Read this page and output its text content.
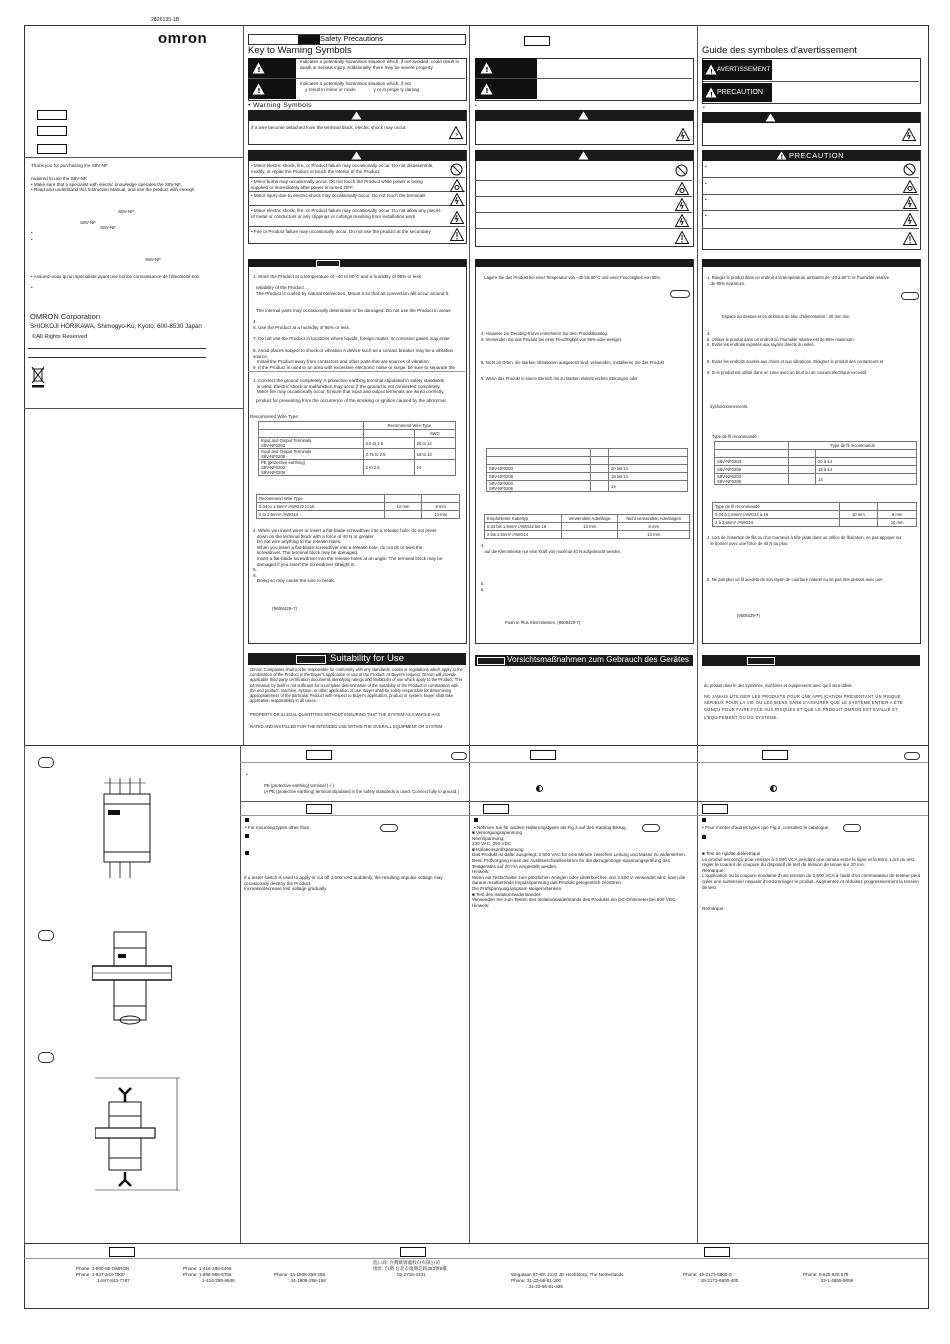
2826135-1B
omron
Thank you for purchasing the S8V-NF.
required to use the S8V-NF.
• Make sure that a specialist with electric knowledge operates the S8V-NF.
• Read and understand this Instruction Manual, and use the product with enough
S8V-NF
S8V-NF
S8V-NF
•
•
S8V-NF
• Assurez-vous qu'un spécialiste ayant une bonne connaissance de l'électricité soit
•
OMRON Corporation
SHIOKOJI HORIKAWA, Shimogyo-Ku, Kyoto, 600-8530 Japan
©All Rights Reserved
Safety Precautions
Key to Warning Symbols
!
Indicates a potentially hazardous situation which, if not avoided, could result in death or serious injury. Additionally, there may be severe property
!
Indicates a potentially hazardous situation which, if not
y result in minor or mode              y or in prope ty damag
• Warning Symbols
If a wire become detached from the terminal block, electric shock may occur.
⚡
• Minor electric shock, fire, or Product failure may occasionally occur. Do not disassemble, modify, or repair the Product or touch the interior of the Product.
• Minor burns may occasionally occur. Do not touch the Product while power is being supplied or immediately after power is turned OFF.
• Minor injury due to electric shock may occasionally occur. Do not touch the terminals
• Minor electric shock, fire, or Product failure may occasionally occur. Do not allow any pieces of metal or conductors or any clippings or cuttings resulting from installation work
• Fire or Product failure may occasionally occur. Do not use the product at the secondary
1. Store the Product at a temperature of –40 to 80°C and a humidity of 95% or less
reliability of the Product.
The Product is cooled by natural convection. Mount it so that air convection will occur around it.
The internal parts may occasionally deteriorate or be damaged. Do not use the Product in areas
4.
5. Use the Product at a humidity of 95% or less.
7. Do not use the Product in locations where liquids, foreign matter, or corrosive gases may enter
8. Avoid places subject to shock or vibration A device such as a contact breaker may be a vibration source.
Install the Product away from contactors and other parts that are sources of vibration.
9. If the Product is used in an area with excessive electronic noise or surge, be sure to separate the
1. Connect the ground completely. A protective earthing terminal stipulated in safety standards
is used. Electric shock or malfunction may occur if the ground is not connected completely.
Minor fire may occasionally occur. Ensure that input and output terminals are wired correctly.
product for preventing from the occurrence of the smoking or ignition caused by the abnormal.
Recommend Wire Type:
	Recommend Wire Type	
		AWG
Input and Output Terminals
S8V-NF0203	0.5 to 2.5	20 to 14
Input and Output Terminals
S8V-NF0208	0.75 to 2.5	18 to 14
PE (protective earthing)
S8V-NF0203
S8V-NF0208	2 to 2.5	14
Recommend Wire Type		
0.34 to 1.5mm² /AWG22 to 16	10 mm	8 mm
2 to 2.5mm² /AWG14		10 mm
4. When you insert wires or insert a flat-blade screwdriver into a release hole, do not press
down on the terminal block with a force of 40 N or greater
Do not wire anything to the release holes.
When you insert a flat-blade screwdriver into a release hole, do not tilt or twist the
screwdriver. The terminal block may be damaged.
Insert a flat-blade screwdriver into the release holes at an angle. The terminal block may be
damaged if you insert the screwdriver straight in.
5.
6.
Doing so may cause the wire to break.
(9608429-7)
Suitability for Use
Omron Companies shall not be responsible for conformity with any standards, codes or regulations which apply to the combination of the Product in the Buyer's application or use of the Product. At Buyer's request, Omron will provide applicable third party certification documents identifying ratings and limitations of use which apply to the Product. This information by itself is not sufficient for a complete determination of the suitability of the Product in combination with the end product, machine, system, or other application or use. Buyer shall be solely responsible for determining appropriateness of the particular Product with respect to Buyer's application, product or system. Buyer shall take application responsibility in all cases.
PROPERTY OR ILLEGAL QUANTITIES WITHOUT ENSURING THAT THE SYSTEM AS A WHOLE HAS
RATED AND INSTALLED FOR THE INTENDED USE WITHIN THE OVERALL EQUIPMENT OR SYSTEM
!
!
•
Lagern Sie das Produkt bei einer Temperatur von –40 bis 80°C und einer Feuchtigkeit von 95%
4. Hinweise zur Derating-Kurve entnehmen Sie dem Produktkatalog.
5. Verwenden Sie das Produkt bei einer Feuchtigkeit von 95% oder weniger.
8. Nicht an Orten, die starken Vibrationen ausgesetzt sind, verwenden. Installieren Sie das Produkt
9. Wenn das Produkt in einem Bereich mit zu starken elektronischen Störungen oder

S8V-NF0203		20 bis 14
S8V-NF0208		18 bis 14
S8V-NF0203
S8V-NF0208		14
Empfohlener Kabeltyp	Verwendete Aderlänge	Nicht verwendete Aderlängen
0.34 bis 1.5mm² /AWG22 bis 16	10 mm	8 mm
2 bis 2.5mm² /AWG14		10 mm
4.
auf die Klemmleiste nur eine Kraft von maximal 40 N aufgebracht werden.
5.
6.
Push-In Plus Klemmleisten. (9608429-7)
Vorsichtsmaßnahmen zum Gebrauch des Gerätes
Guide des symboles d'avertissement
! AVERTISSEMENT
! PRECAUTION
•
! PRECAUTION
•
•
•
•
1. Ranger le produit dans un endroit à la température ambiante de -40 à 80°C et l'humidité relative
de 95% maximum.
Espace au-dessus et en dessous du bloc d'alimentation : 20 mm min.
4.
5. Utiliser le produit dans un endroit où l'humidité relative est de 95% maximum.
6. Eviter les endroits exposés aux rayons directs du soleil.
8. Eviter les endroits soumis aux chocs et aux vibrations. Eloignez le produit des contacteurs et
9. Si le produit est utilisé dans un zone avec un bruit ou un courant électrique excessif,
dysfonctionnements.
Type de fil recommandé :
	Type de fil recommandé	

S8V-NF0203		20 à 14
S8V-NF0208		18 à 14
S8V-NF0203
S8V-NF0208		14
Type de fil recommandé		
0,34 à 1,5mm² /AWG22 à 16	10 mm	8 mm
2 à 2,5mm² /AWG14		10 mm
4. Lors de l'insertion de fils ou d'un tournevis à tête plate dans un orifice de libération, ne pas appuyer sur
le bornier avec une force de 40 N ou plus.
6. Ne pas plier un fil au-delà de son rayon de courbure naturel ou ne pas tirer dessus avec une
(9608429-7)
du produit dans le des systèmes, machines et équipements avec qui il sera utilisé.
NE JAMAIS UTILISER LES PRODUITS POUR UNE APPLICATION PRÉSENTANT UN RISQUE SÉRIEUX POUR LA VIE OU LES BIENS SANS S'ASSURER QUE LE SYSTÈME ENTIER A ÉTÉ CONÇU POUR FAIRE FACE AUX RISQUES ET QUE LE PRODUIT OMRON EST ÉVALUÉ ET
L'ÉQUIPEMENT OU DU SYSTÈME.
•
PE (protective earthing) terminal (⏚)
(A PE (protective earthing) terminal stipulated in the safety standards is used. Connect fully to ground.)
• For mounting types other than
If a tester switch is used to apply or cut off 2,500 VAC suddenly, the resulting impulse voltage may occasionally destroy the Product.
Increase/decrease test voltage gradually.
• Nehmen Sie für andere Halterungstypen als Fig.2 auf den Katalog Bezug.
■ Versorgungsspannung
Nennspannung:
230 VAC, 250 VDC
■ Isolationsprüfspannung
Das Produkt ist dafür ausgelegt, 2.500 VAC für eine Minute zwischen Leitung und Masse zu widerstehen.
Beim Prüfvorgang muss der Auslöseschwellenstrom für die dazugehörige Spannungsprüfung des Testgerätes auf 20 mA eingestellt werden.
Hinweis:
Wenn ein Testschalter zum plötzlichen Anlegen oder Unterbrechen von 2.500 V verwendet wird, kann die daraus resultierende Impulsspannung das Produkt gelegentlich zerstören.
Die Prüfspannung langsam steigern/senken.
■ Test des Isolationswiderstandes
Verwenden Sie zum Testen des Isolationswiderstands des Produkts ein DC-Ohmmeter bei 500 VDC.
Hinweis:
• Pour monter d'autres types que Fig.2, consultez le catalogue.
■ Test de rigidité diélectrique
Le produit est conçu pour résister à 2 500 VCA pendant une minute entre la ligne et la terre. Lors du test, régler le courant de coupure du dispositif de test de tension de tenue sur 20 mA.
Remarque:
L'application ou la coupure soudaine d'une tension de 2 500 VCA à l'aide d'un commutateur de testeur peut créer une surtension risquant d'endommager le produit. Augmentez et réduisez progressivement la tension de test.
Remarque:
Phone: 1-800-55-OMRON
Phone: 1-847-843-7900
1-847-843-7787
Phone: 1-416-286-6465
Phone: 1-866-986-6766
1-416-286-6648
Phone: 44-1908-258-258
: 44-1908-258-158
進口商: 台灣歐姆龍股份有限公司
地址: 台灣 台北市復興北路363號6樓
02-2715-3331	Wegalaan 67-69, 2132 JD Hoofddorp, The Netherlands
Phone: 31-23-56-81-300
: 31-23-56-81-388
Phone: 49-2173-6800-0
: 49-2173-6800-400
Phone: 0-825 825 679
: 33-1-4855-9096
